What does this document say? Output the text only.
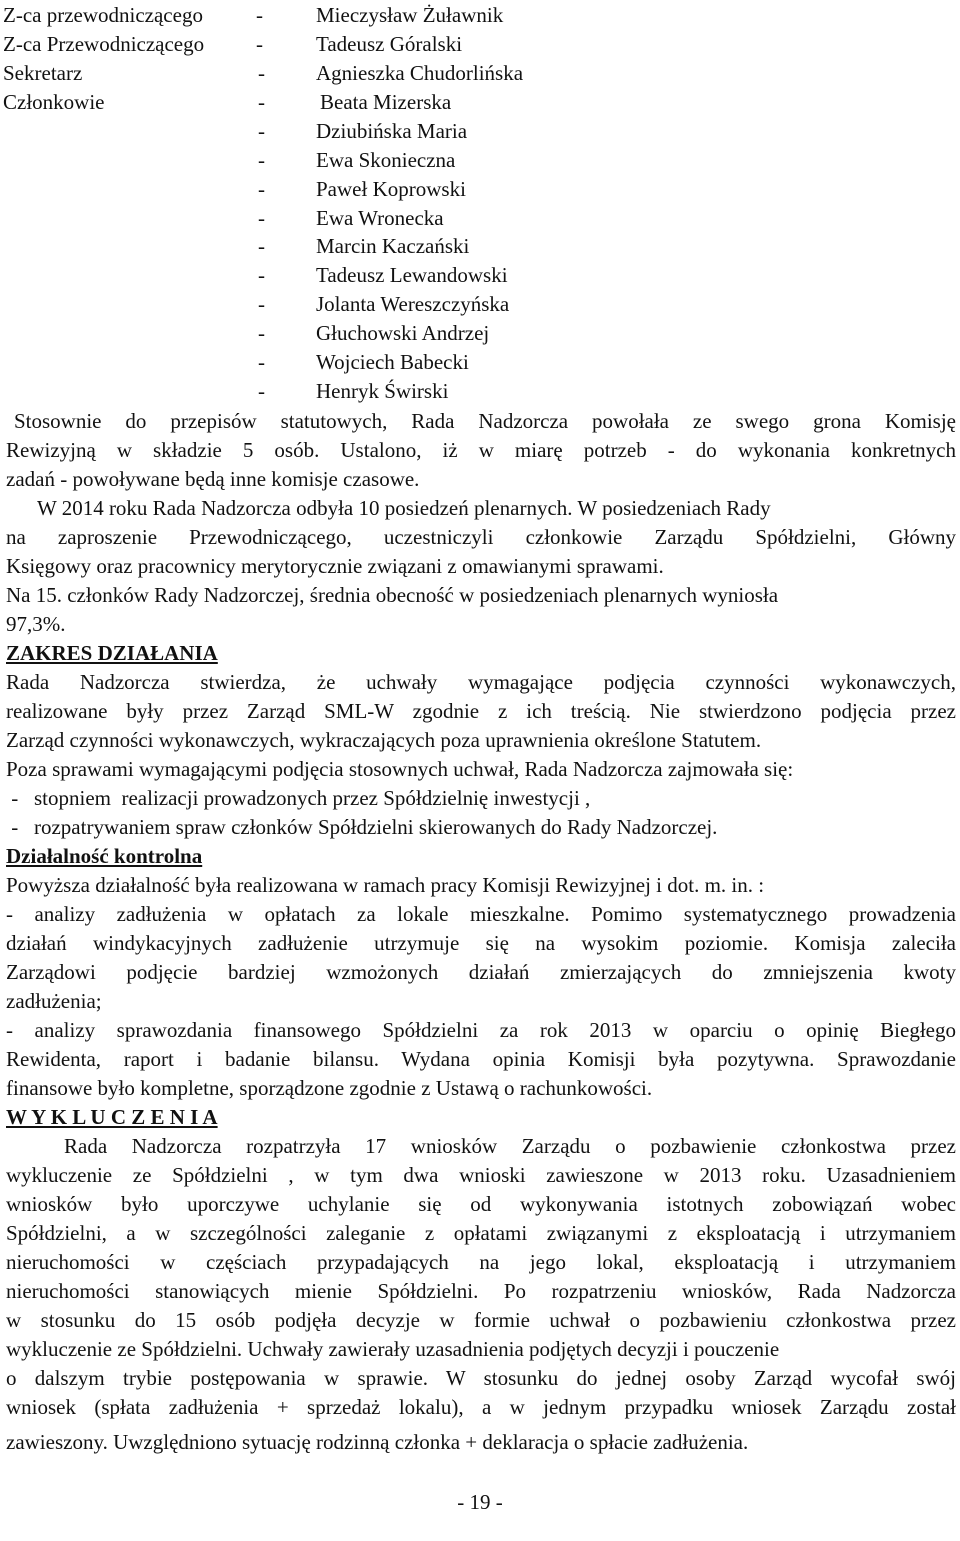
Z-ca przewodniczącego	-	Mieczysław Żuławnik
Z-ca Przewodniczącego -	Tadeusz Góralski
Sekretarz	- Agnieszka Chudorlińska
Członkowie	-	Beata Mizerska
- Dziubińska Maria
- Ewa Skonieczna
- Paweł Koprowski
- Ewa Wronecka
- Marcin Kaczański
- Tadeusz Lewandowski
- Jolanta Wereszczyńska
- Głuchowski Andrzej
- Wojciech Babecki
- Henryk Świrski
Stosownie do przepisów statutowych, Rada Nadzorcza powołała ze swego grona Komisję
Rewizyjną w składzie 5 osób. Ustalono, iż w miarę potrzeb - do wykonania konkretnych
zadań - powoływane będą inne komisje czasowe.
W 2014 roku Rada Nadzorcza odbyła 10 posiedzeń plenarnych. W posiedzeniach Rady
na zaproszenie Przewodniczącego, uczestniczyli członkowie Zarządu Spółdzielni, Główny
Księgowy oraz pracownicy merytorycznie związani z omawianymi sprawami.
Na 15. członków Rady Nadzorczej, średnia obecność w posiedzeniach plenarnych wyniosła
97,3%.
ZAKRES DZIAŁANIA
Rada Nadzorcza stwierdza, że uchwały wymagające podjęcia czynności wykonawczych,
realizowane były przez Zarząd SML-W zgodnie z ich treścią. Nie stwierdzono podjęcia przez
Zarząd czynności wykonawczych, wykraczających poza uprawnienia określone Statutem.
Poza sprawami wymagającymi podjęcia stosownych uchwał, Rada Nadzorcza zajmowała się:
-   stopniem  realizacji prowadzonych przez Spółdzielnię inwestycji ,
-   rozpatrywaniem spraw członków Spółdzielni skierowanych do Rady Nadzorczej.
Działalność kontrolna
Powyższa działalność była realizowana w ramach pracy Komisji Rewizyjnej i dot. m. in. :
- analizy zadłużenia w opłatach za lokale mieszkalne. Pomimo systematycznego prowadzenia
działań windykacyjnych zadłużenie utrzymuje się na wysokim poziomie. Komisja zaleciła
Zarządowi podjęcie bardziej wzmożonych działań zmierzających do zmniejszenia kwoty
zadłużenia;
- analizy sprawozdania finansowego Spółdzielni za rok 2013 w oparciu o opinię Biegłego
Rewidenta, raport i badanie bilansu. Wydana opinia Komisji była pozytywna. Sprawozdanie
finansowe było kompletne, sporządzone zgodnie z Ustawą o rachunkowości.
W Y K L U C Z E N I A
Rada Nadzorcza rozpatrzyła 17 wniosków Zarządu o pozbawienie członkostwa przez
wykluczenie ze Spółdzielni , w tym dwa wnioski zawieszone w 2013 roku. Uzasadnieniem
wniosków było uporczywe uchylanie się od wykonywania istotnych zobowiązań wobec
Spółdzielni, a w szczególności zaleganie z opłatami związanymi z eksploatacją i utrzymaniem
nieruchomości w częściach przypadających na jego lokal, eksploatacją i utrzymaniem
nieruchomości stanowiących mienie Spółdzielni. Po rozpatrzeniu wniosków, Rada Nadzorcza
w stosunku do 15 osób podjęła decyzje w formie uchwał o pozbawieniu członkostwa przez
wykluczenie ze Spółdzielni. Uchwały zawierały uzasadnienia podjętych decyzji i pouczenie
o dalszym trybie postępowania w sprawie. W stosunku do jednej osoby Zarząd wycofał swój
wniosek (spłata zadłużenia + sprzedaż lokalu), a w jednym przypadku wniosek Zarządu został
zawieszony. Uwzględniono sytuację rodzinną członka + deklaracja o spłacie zadłużenia.
- 19 -
